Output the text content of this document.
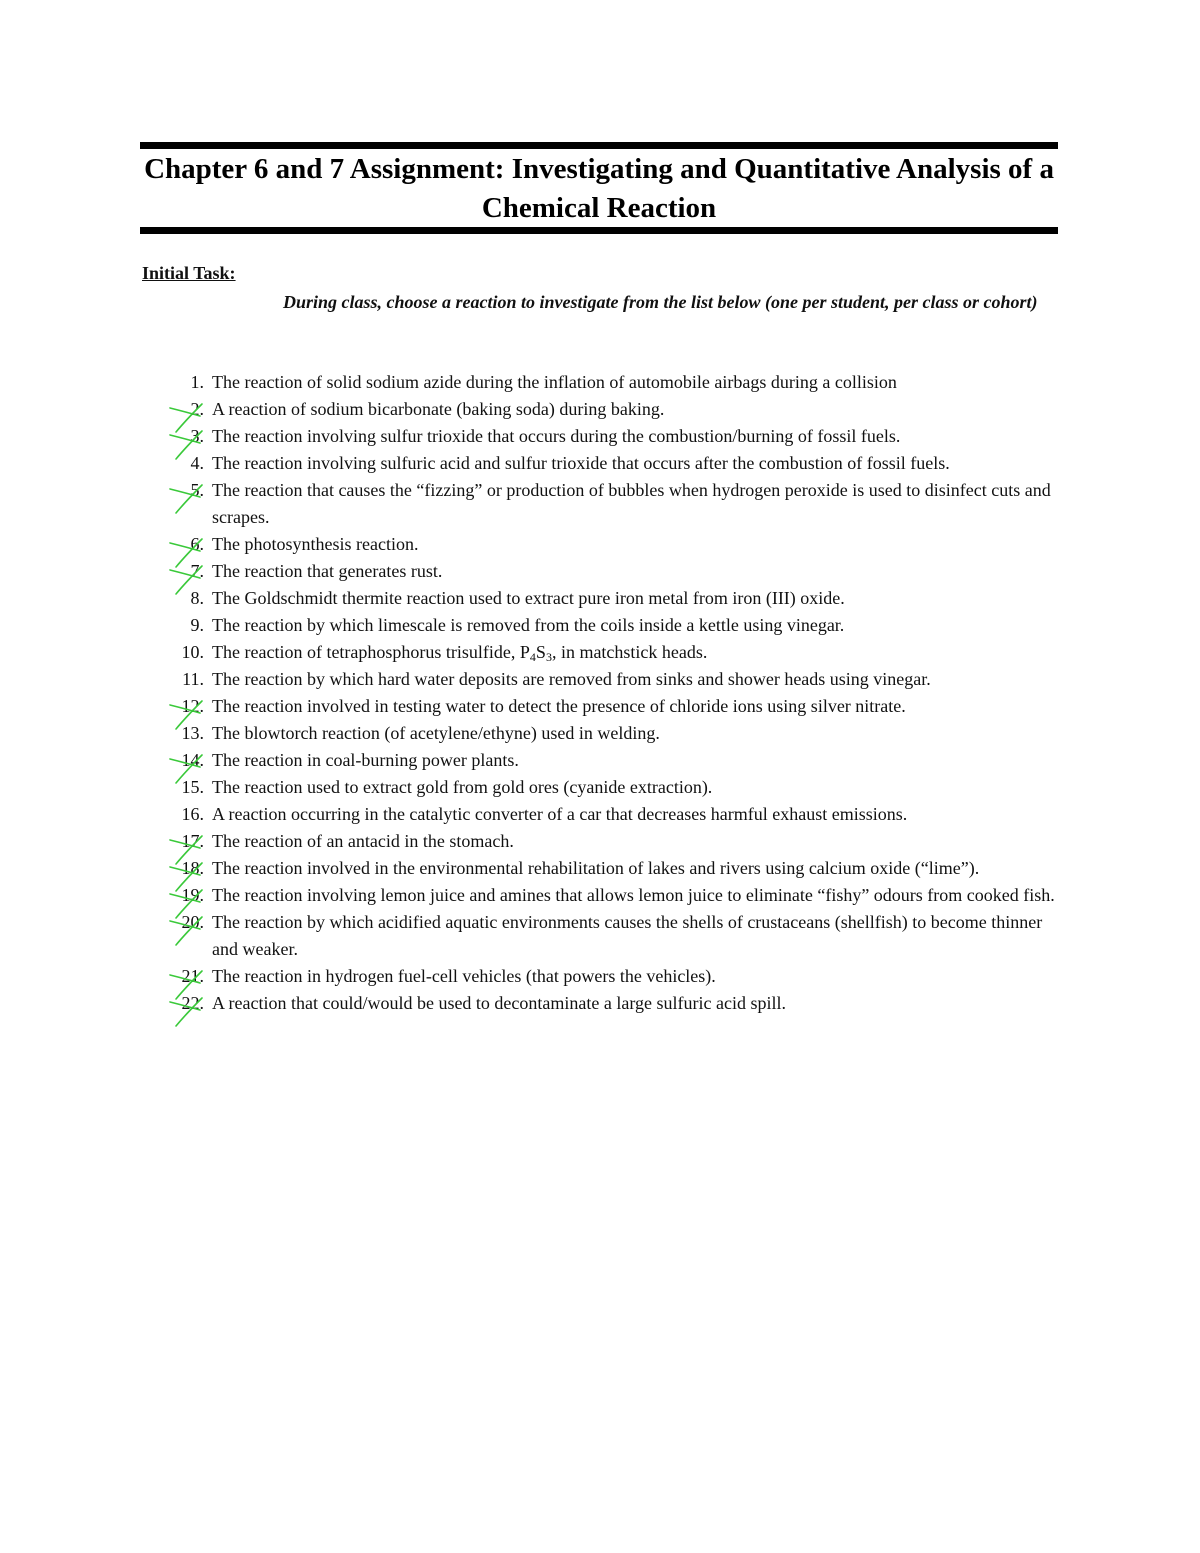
Chapter 6 and 7 Assignment: Investigating and Quantitative Analysis of a Chemical Reaction
Initial Task:
During class, choose a reaction to investigate from the list below (one per student, per class or cohort)
1. The reaction of solid sodium azide during the inflation of automobile airbags during a collision
2. A reaction of sodium bicarbonate (baking soda) during baking.
3. The reaction involving sulfur trioxide that occurs during the combustion/burning of fossil fuels.
4. The reaction involving sulfuric acid and sulfur trioxide that occurs after the combustion of fossil fuels.
5. The reaction that causes the “fizzing” or production of bubbles when hydrogen peroxide is used to disinfect cuts and scrapes.
6. The photosynthesis reaction.
7. The reaction that generates rust.
8. The Goldschmidt thermite reaction used to extract pure iron metal from iron (III) oxide.
9. The reaction by which limescale is removed from the coils inside a kettle using vinegar.
10. The reaction of tetraphosphorus trisulfide, $P_4S_3$, in matchstick heads.
11. The reaction by which hard water deposits are removed from sinks and shower heads using vinegar.
12. The reaction involved in testing water to detect the presence of chloride ions using silver nitrate.
13. The blowtorch reaction (of acetylene/ethyne) used in welding.
14. The reaction in coal-burning power plants.
15. The reaction used to extract gold from gold ores (cyanide extraction).
16. A reaction occurring in the catalytic converter of a car that decreases harmful exhaust emissions.
17. The reaction of an antacid in the stomach.
18. The reaction involved in the environmental rehabilitation of lakes and rivers using calcium oxide (“lime”).
19. The reaction involving lemon juice and amines that allows lemon juice to eliminate “fishy” odours from cooked fish.
20. The reaction by which acidified aquatic environments causes the shells of crustaceans (shellfish) to become thinner and weaker.
21. The reaction in hydrogen fuel-cell vehicles (that powers the vehicles).
22. A reaction that could/would be used to decontaminate a large sulfuric acid spill.
